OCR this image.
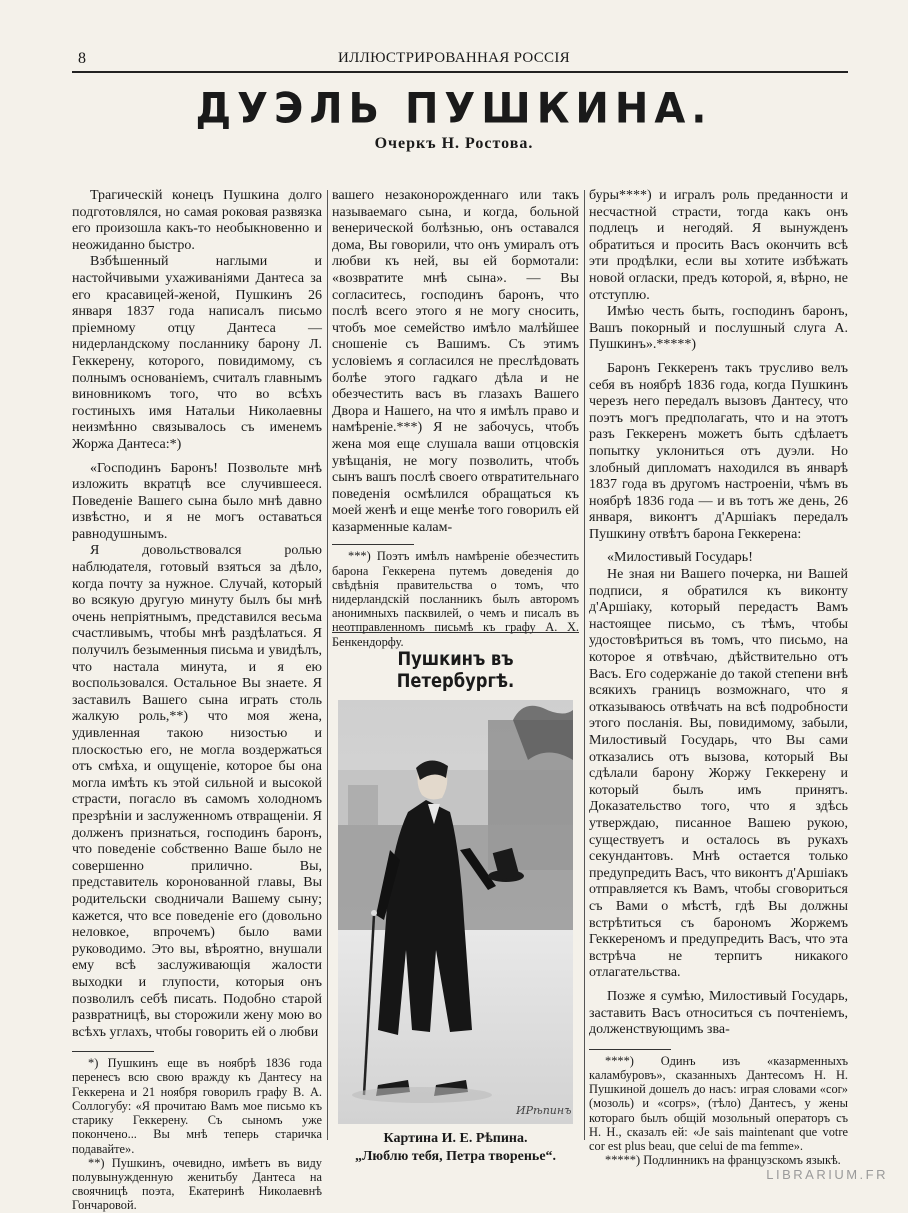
8	ИЛЛЮСТРИРОВАННАЯ РОССІЯ
ДУЭЛЬ ПУШКИНА.
Очеркъ Н. Ростова.

Трагическій конецъ Пушкина долго подготовлялся, но самая роковая развязка его произошла какъ-то необыкновенно и неожиданно быстро.

Взбѣшенный наглыми и настойчивыми ухаживаніями Дантеса за его красавицей-женой, Пушкинъ 26 января 1837 года написалъ письмо пріемному отцу Дантеса — нидерландскому посланнику барону Л. Геккерену, которого, повидимому, съ полнымъ основаніемъ, считалъ главнымъ виновникомъ того, что во всѣхъ гостиныхъ имя Натальи Николаевны неизмѣнно связывалось съ именемъ Жоржа Дантеса:*)

«Господинъ Баронъ! Позвольте мнѣ изложить вкратцѣ все случившееся. Поведеніе Вашего сына было мнѣ давно извѣстно, и я не могъ оставаться равнодушнымъ.

Я довольствовался ролью наблюдателя, готовый взяться за дѣло, когда почту за нужное. Случай, который во всякую другую минуту былъ бы мнѣ очень непріятнымъ, представился весьма счастливымъ, чтобы мнѣ раздѣлаться. Я получилъ безыменныя письма и увидѣлъ, что настала минута, и я ею воспользовался. Остальное Вы знаете. Я заставилъ Вашего сына играть столь жалкую роль,**) что моя жена, удивленная такою низостью и плоскостью его, не могла воздержаться отъ смѣха, и ощущеніе, которое бы она могла имѣть къ этой сильной и высокой страсти, погасло въ самомъ холодномъ презрѣніи и заслуженномъ отвращеніи. Я долженъ признаться, господинъ баронъ, что поведеніе собственно Ваше было не совершенно прилично. Вы, представитель коронованной главы, Вы родительски сводничали Вашему сыну; кажется, что все поведеніе его (довольно неловкое, впрочемъ) было вами руководимо. Это вы, вѣроятно, внушали ему всѣ заслуживающія жалости выходки и глупости, которыя онъ позволилъ себѣ писать. Подобно старой развратницѣ, вы сторожили жену мою во всѣхъ углахъ, чтобы говорить ей о любви

*) Пушкинъ еще въ ноябрѣ 1836 года перенесъ всю свою вражду къ Дантесу на Геккерена и 21 ноября говорилъ графу В. А. Соллогубу: «Я прочитаю Вамъ мое письмо къ старику Геккерену. Съ сыномъ уже покончено... Вы мнѣ теперь старичка подавайте».

**) Пушкинъ, очевидно, имѣетъ въ виду полувынужденную женитьбу Дантеса на своячницѣ поэта, Екатеринѣ Николаевнѣ Гончаровой.

вашего незаконорожденнаго или такъ называемаго сына, и когда, больной венерической болѣзнью, онъ оставался дома, Вы говорили, что онъ умиралъ отъ любви къ ней, вы ей бормотали: «возвратите мнѣ сына». — Вы согласитесь, господинъ баронъ, что послѣ всего этого я не могу сносить, чтобъ мое семейство имѣло малѣйшее сношеніе съ Вашимъ. Съ этимъ условіемъ я согласился не преслѣдовать болѣе этого гадкаго дѣла и не обезчестить васъ въ глазахъ Вашего Двора и Нашего, на что я имѣлъ право и намѣреніе.***) Я не забочусь, чтобъ жена моя еще слушала ваши отцовскія увѣщанія, не могу позволить, чтобъ сынъ вашъ послѣ своего отвратительнаго поведенія осмѣлился обращаться къ моей женѣ и еще менѣе того говорилъ ей казарменные калам-

***) Поэтъ имѣлъ намѣреніе обезчестить барона Геккерена путемъ доведенія до свѣдѣнія правительства о томъ, что нидерландскій посланникъ былъ авторомъ анонимныхъ пасквилей, о чемъ и писалъ въ неотправленномъ письмѣ къ графу А. Х. Бенкендорфу.

Пушкинъ въ Петербургѣ.
ИРѣпинъ
Картина И. Е. Рѣпина.
„Люблю тебя, Петра творенье“.

буры****) и игралъ роль преданности и несчастной страсти, тогда какъ онъ подлецъ и негодяй. Я вынужденъ обратиться и просить Васъ окончить всѣ эти продѣлки, если вы хотите избѣжать новой огласки, предъ которой, я, вѣрно, не отступлю.

Имѣю честь быть, господинъ баронъ, Вашъ покорный и послушный слуга А. Пушкинъ».*****)

Баронъ Геккеренъ такъ трусливо велъ себя въ ноябрѣ 1836 года, когда Пушкинъ черезъ него передалъ вызовъ Дантесу, что поэтъ могъ предполагать, что и на этотъ разъ Геккеренъ можетъ быть сдѣлаетъ попытку уклониться отъ дуэли. Но злобный дипломатъ находился въ январѣ 1837 года въ другомъ настроеніи, чѣмъ въ ноябрѣ 1836 года — и въ тотъ же день, 26 января, виконтъ д'Аршіакъ передалъ Пушкину отвѣтъ барона Геккерена:

«Милостивый Государь!

Не зная ни Вашего почерка, ни Вашей подписи, я обратился къ виконту д'Аршіаку, который передастъ Вамъ настоящее письмо, съ тѣмъ, чтобы удостовѣриться въ томъ, что письмо, на которое я отвѣчаю, дѣйствительно отъ Васъ. Его содержаніе до такой степени внѣ всякихъ границъ возможнаго, что я отказываюсь отвѣчать на всѣ подробности этого посланія. Вы, повидимому, забыли, Милостивый Государь, что Вы сами отказались отъ вызова, который Вы сдѣлали барону Жоржу Геккерену и который былъ имъ принятъ. Доказательство того, что я здѣсь утверждаю, писанное Вашею рукою, существуетъ и осталось въ рукахъ секундантовъ. Мнѣ остается только предупредить Васъ, что виконтъ д'Аршіакъ отправляется къ Вамъ, чтобы сговориться съ Вами о мѣстѣ, гдѣ Вы должны встрѣтиться съ барономъ Жоржемъ Геккереномъ и предупредить Васъ, что эта встрѣча не терпитъ никакого отлагательства.

Позже я сумѣю, Милостивый Государь, заставить Васъ относиться съ почтеніемъ, долженствующимъ зва-

****) Одинъ изъ «казарменныхъ каламбуровъ», сказанныхъ Дантесомъ Н. Н. Пушкиной дошелъ до насъ: играя словами «cor» (мозоль) и «corps», (тѣло) Дантесъ, у жены котораго былъ общій мозольный операторъ съ Н. Н., сказалъ ей: «Je sais maintenant que votre cor est plus beau, que celui de ma femme».

*****) Подлинникъ на французскомъ языкѣ.

LIBRARIUM.FR
